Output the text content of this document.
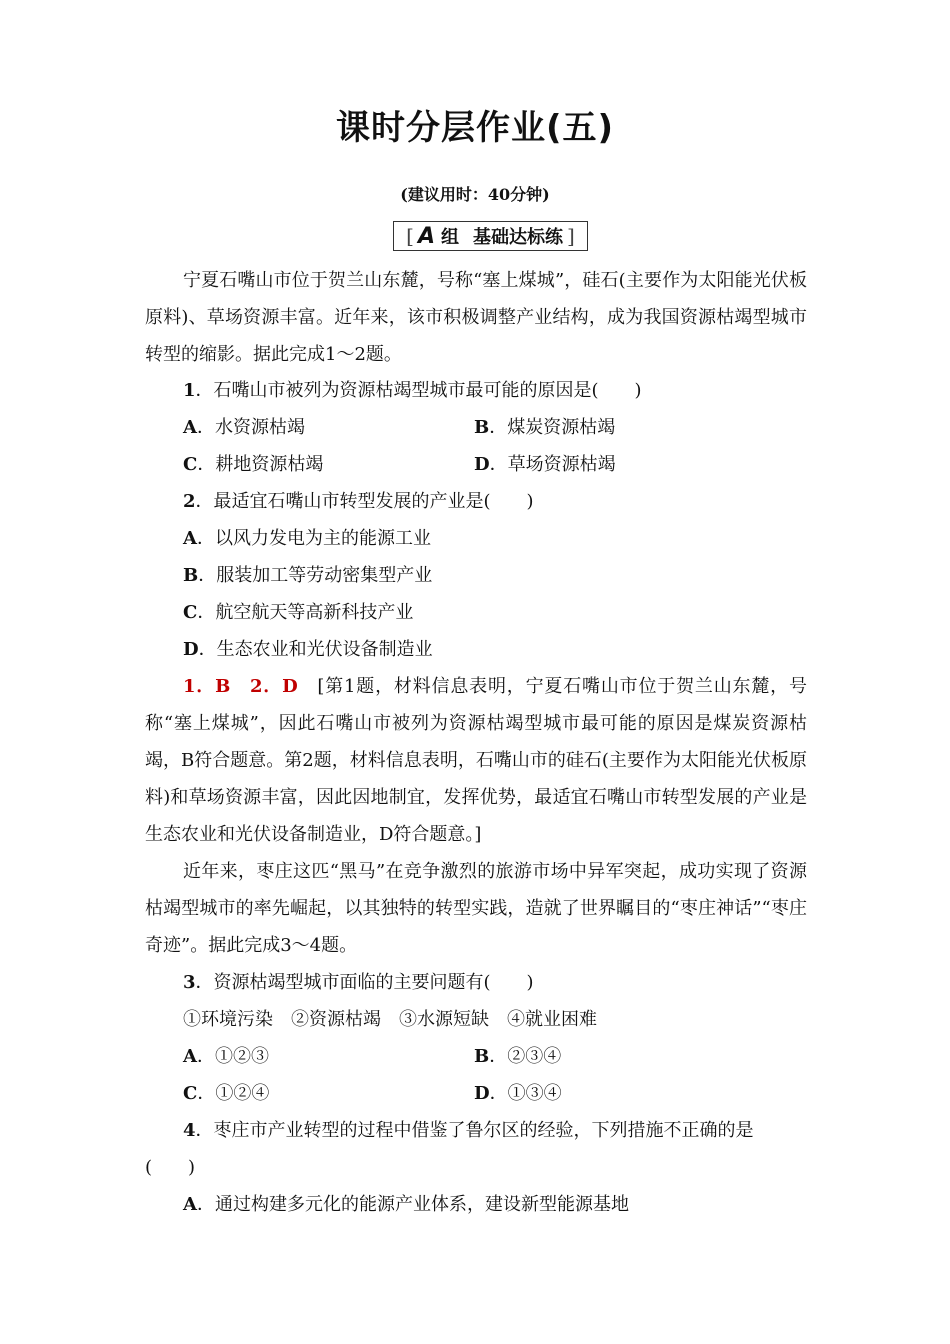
课时分层作业(五)
(建议用时：40分钟)
[ A 组 基础达标练 ]

宁夏石嘴山市位于贺兰山东麓，号称“塞上煤城”，硅石(主要作为太阳能光伏板原料)、草场资源丰富。近年来，该市积极调整产业结构，成为我国资源枯竭型城市转型的缩影。据此完成1～2题。

1．石嘴山市被列为资源枯竭型城市最可能的原因是(　　)

A．水资源枯竭	B．煤炭资源枯竭

C．耕地资源枯竭	D．草场资源枯竭

2．最适宜石嘴山市转型发展的产业是(　　)

A．以风力发电为主的能源工业

B．服装加工等劳动密集型产业

C．航空航天等高新科技产业

D．生态农业和光伏设备制造业

1．B　2．D　 [第1题，材料信息表明，宁夏石嘴山市位于贺兰山东麓，号称“塞上煤城”，因此石嘴山市被列为资源枯竭型城市最可能的原因是煤炭资源枯竭，B符合题意。第2题，材料信息表明，石嘴山市的硅石(主要作为太阳能光伏板原料)和草场资源丰富，因此因地制宜，发挥优势，最适宜石嘴山市转型发展的产业是生态农业和光伏设备制造业，D符合题意。]

近年来，枣庄这匹“黑马”在竞争激烈的旅游市场中异军突起，成功实现了资源枯竭型城市的率先崛起，以其独特的转型实践，造就了世界瞩目的“枣庄神话”“枣庄奇迹”。据此完成3～4题。

3．资源枯竭型城市面临的主要问题有(　　)

①环境污染　②资源枯竭　③水源短缺　④就业困难

A．①②③	B．②③④

C．①②④	D．①③④

4．枣庄市产业转型的过程中借鉴了鲁尔区的经验，下列措施不正确的是

(　　)

A．通过构建多元化的能源产业体系，建设新型能源基地
